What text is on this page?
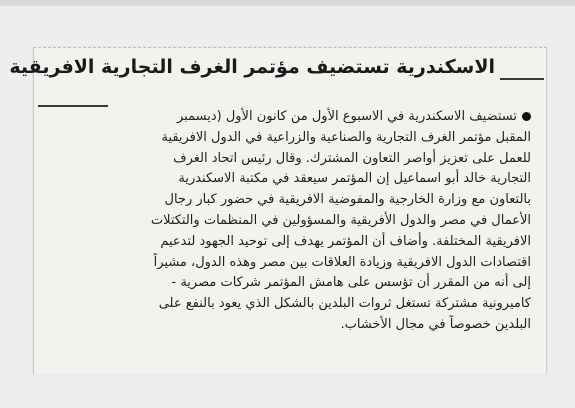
الاسكندرية تستضيف مؤتمر الغرف التجارية الافريقية
تستضيف الاسكندرية في الاسبوع الأول من كانون الأول (ديسمبر
المقبل مؤتمر الغرف التجارية والصناعية والزراعية في الدول الافريقية
للعمل على تعزيز أواصر التعاون المشترك. وقال رئيس اتحاد الغرف
التجارية خالد أبو اسماعيل إن المؤتمر سيعقد في مكتبة الاسكندرية
بالتعاون مع وزارة الخارجية والمفوضية الافريقية في حضور كبار رجال
الأعمال في مصر والدول الأفريقية والمسؤولين في المنظمات والتكتلات
الافريقية المختلفة. وأضاف أن المؤتمر يهدف إلى توحيد الجهود لتدعيم
اقتصادات الدول الافريقية وزيادة العلاقات بين مصر وهذه الدول، مشيراً
إلى أنه من المقرر أن تؤسس على هامش المؤتمر شركات مصرية -
كاميرونية مشتركة تستغل ثروات البلدين بالشكل الذي يعود بالنفع على
البلدين خصوصاً في مجال الأخشاب.
